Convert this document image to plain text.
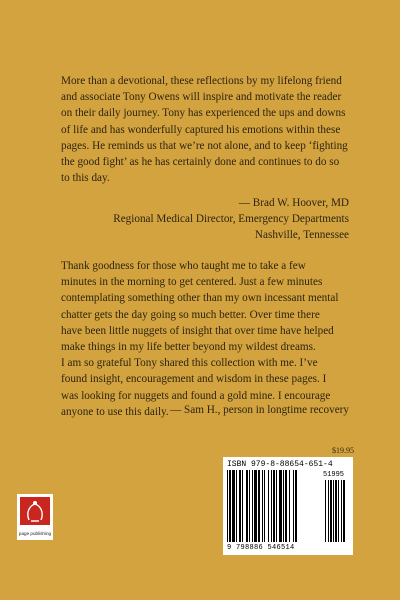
More than a devotional, these reflections by my lifelong friend
and associate Tony Owens will inspire and motivate the reader
on their daily journey. Tony has experienced the ups and downs
of life and has wonderfully captured his emotions within these
pages. He reminds us that we’re not alone, and to keep ‘fighting
the good fight’ as he has certainly done and continues to do so
to this day.
— Brad W. Hoover, MD
Regional Medical Director, Emergency Departments
Nashville, Tennessee
Thank goodness for those who taught me to take a few
minutes in the morning to get centered. Just a few minutes
contemplating something other than my own incessant mental
chatter gets the day going so much better. Over time there
have been little nuggets of insight that over time have helped
make things in my life better beyond my wildest dreams.
I am so grateful Tony shared this collection with me. I’ve
found insight, encouragement and wisdom in these pages. I
was looking for nuggets and found a gold mine. I encourage
anyone to use this daily. — Sam H., person in longtime recovery
$19.95
ISBN 979-8-88654-651-4
51995
9 798886 546514
page publishing
